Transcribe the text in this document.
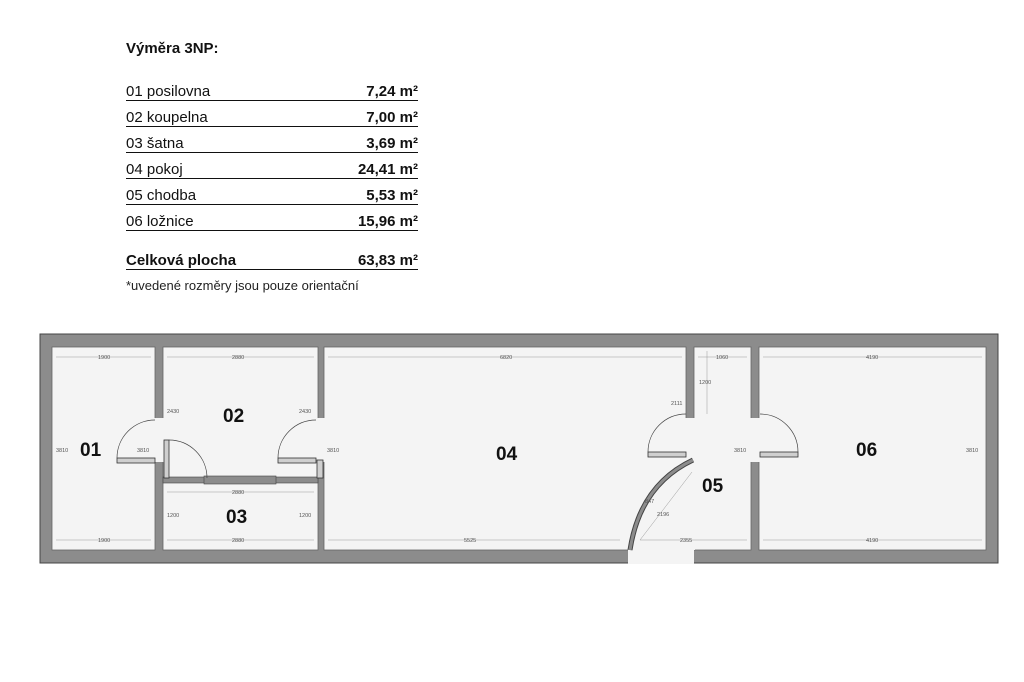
Výměra 3NP:
01 posilovna	7,24 m²
02 koupelna	7,00 m²
03 šatna	3,69 m²
04 pokoj	24,41 m²
05 chodba	5,53 m²
06 ložnice	15,96 m²
Celková plocha	63,83 m²
*uvedené rozměry jsou pouze orientační
01
02
03
04
05
06
1900
1900
3810	3810
2880
2430	2430
2880
2880
1200	1200
6820
5525
3810
1060
1200
2111
3810
2196
847
2355
4190
4190
3810
